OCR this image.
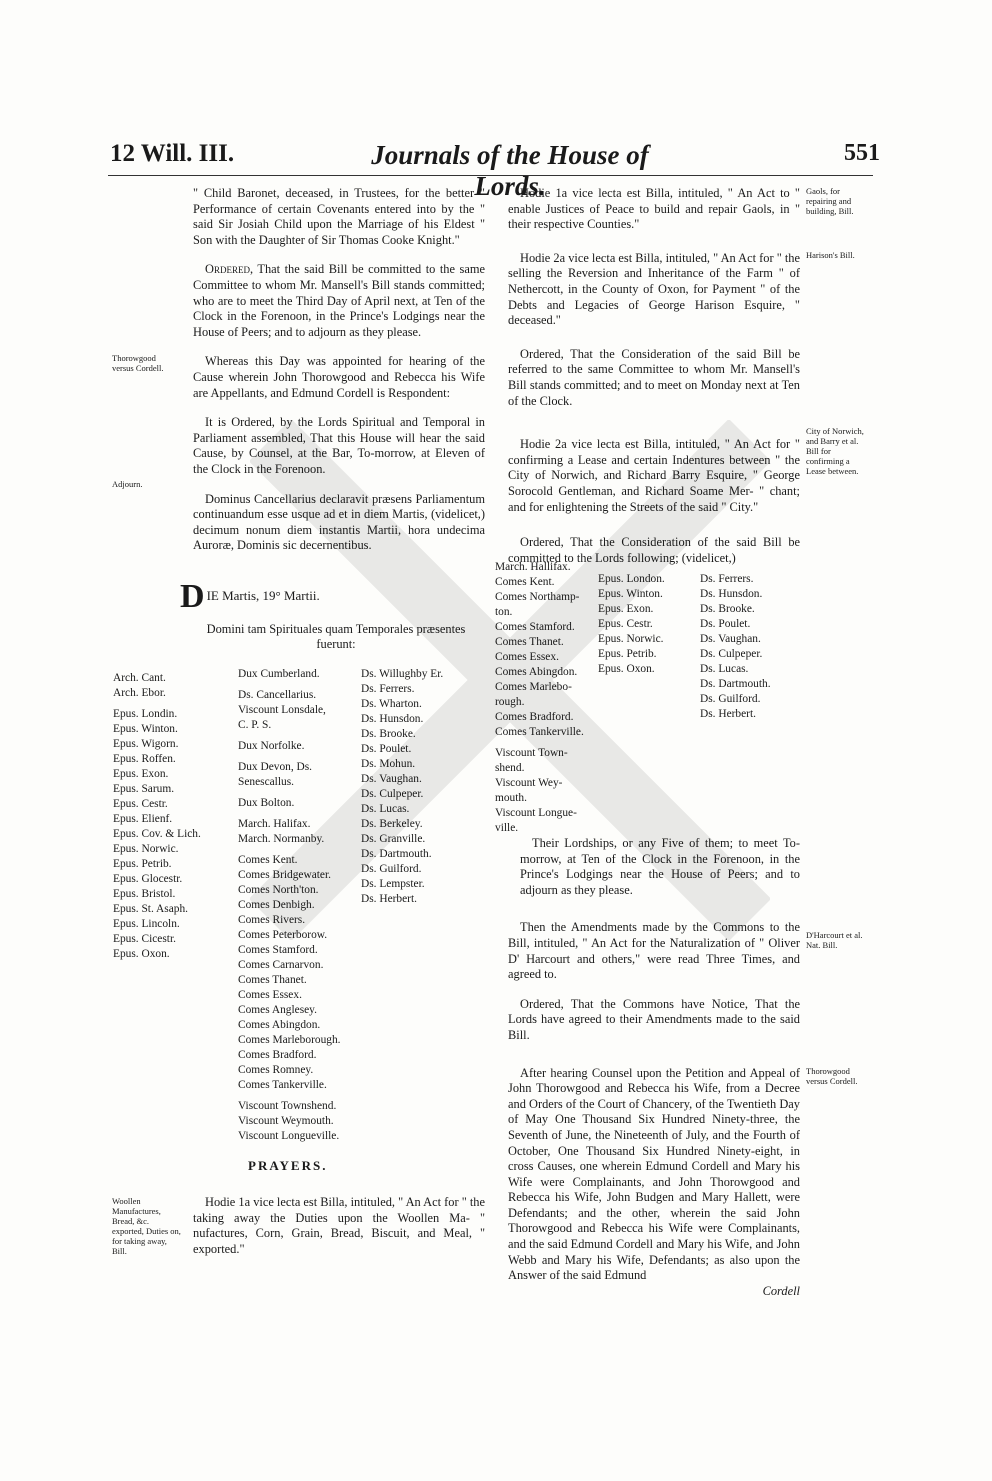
12 Will. III.	Journals of the House of Lords.
551

" Child Baronet, deceased, in Trustees, for the better " Performance of certain Covenants entered into by the " said Sir Josiah Child upon the Marriage of his Eldest " Son with the Daughter of Sir Thomas Cooke Knight."

Ordered, That the said Bill be committed to the same Committee to whom Mr. Mansell's Bill stands committed; who are to meet the Third Day of April next, at Ten of the Clock in the Forenoon, in the Prince's Lodgings near the House of Peers; and to adjourn as they please.

Whereas this Day was appointed for hearing of the Cause wherein John Thorowgood and Rebecca his Wife are Appellants, and Edmund Cordell is Respondent:

It is Ordered, by the Lords Spiritual and Temporal in Parliament assembled, That this House will hear the said Cause, by Counsel, at the Bar, To-morrow, at Eleven of the Clock in the Forenoon.

Dominus Cancellarius declaravit præsens Parliamentum continuandum esse usque ad et in diem Martis, (videlicet,) decimum nonum diem instantis Martii, hora undecima Auroræ, Dominis sic decernentibus.

Thorowgood versus Cordell.
Adjourn.
D IE Martis, 19° Martii.
Domini tam Spirituales quam Temporales præsentes fuerunt:
Arch. Cant.
Arch. Ebor.
Epus. Londin.
Epus. Winton.
Epus. Wigorn.
Epus. Roffen.
Epus. Exon.
Epus. Sarum.
Epus. Cestr.
Epus. Elienf.
Epus. Cov. & Lich.
Epus. Norwic.
Epus. Petrib.
Epus. Glocestr.
Epus. Bristol.
Epus. St. Asaph.
Epus. Lincoln.
Epus. Cicestr.
Epus. Oxon.
Dux Cumberland.
Ds. Cancellarius.
Viscount Lonsdale,
C. P. S.
Dux Norfolke.
Dux Devon, Ds.
Senescallus.
Dux Bolton.
March. Halifax.
March. Normanby.
Comes Kent.
Comes Bridgewater.
Comes North'ton.
Comes Denbigh.
Comes Rivers.
Comes Peterborow.
Comes Stamford.
Comes Carnarvon.
Comes Thanet.
Comes Essex.
Comes Anglesey.
Comes Abingdon.
Comes Marleborough.
Comes Bradford.
Comes Romney.
Comes Tankerville.
Viscount Townshend.
Viscount Weymouth.
Viscount Longueville.
Ds. Willughby Er.
Ds. Ferrers.
Ds. Wharton.
Ds. Hunsdon.
Ds. Brooke.
Ds. Poulet.
Ds. Mohun.
Ds. Vaughan.
Ds. Culpeper.
Ds. Lucas.
Ds. Berkeley.
Ds. Granville.
Ds. Dartmouth.
Ds. Guilford.
Ds. Lempster.
Ds. Herbert.
PRAYERS.
Woollen Manufactures, Bread, &c. exported, Duties on, for taking away, Bill.

Hodie 1a vice lecta est Billa, intituled, " An Act for " the taking away the Duties upon the Woollen Ma- " nufactures, Corn, Grain, Bread, Biscuit, and Meal, " exported."

Hodie 1a vice lecta est Billa, intituled, " An Act to " enable Justices of Peace to build and repair Gaols, in " their respective Counties."

Hodie 2a vice lecta est Billa, intituled, " An Act for " the selling the Reversion and Inheritance of the Farm " of Nethercott, in the County of Oxon, for Payment " of the Debts and Legacies of George Harison Esquire, " deceased."

Ordered, That the Consideration of the said Bill be referred to the same Committee to whom Mr. Mansell's Bill stands committed; and to meet on Monday next at Ten of the Clock.

Hodie 2a vice lecta est Billa, intituled, " An Act for " confirming a Lease and certain Indentures between " the City of Norwich, and Richard Barry Esquire, " George Sorocold Gentleman, and Richard Soame Mer- " chant; and for enlightening the Streets of the said " City."

Ordered, That the Consideration of the said Bill be committed to the Lords following; (videlicet,)

Gaols, for repairing and building, Bill.
Harison's Bill.
City of Norwich, and Barry et al. Bill for confirming a Lease between.
March. Hallifax.
Comes Kent.
Comes Northamp-
ton.
Comes Stamford.
Comes Thanet.
Comes Essex.
Comes Abingdon.
Comes Marlebo-
rough.
Comes Bradford.
Comes Tankerville.
Viscount Town-
shend.
Viscount Wey-
mouth.
Viscount Longue-
ville.
Epus. London.
Epus. Winton.
Epus. Exon.
Epus. Cestr.
Epus. Norwic.
Epus. Petrib.
Epus. Oxon.
Ds. Ferrers.
Ds. Hunsdon.
Ds. Brooke.
Ds. Poulet.
Ds. Vaughan.
Ds. Culpeper.
Ds. Lucas.
Ds. Dartmouth.
Ds. Guilford.
Ds. Herbert.

Their Lordships, or any Five of them; to meet To-morrow, at Ten of the Clock in the Forenoon, in the Prince's Lodgings near the House of Peers; and to adjourn as they please.

Then the Amendments made by the Commons to the Bill, intituled, " An Act for the Naturalization of " Oliver D' Harcourt and others," were read Three Times, and agreed to.

Ordered, That the Commons have Notice, That the Lords have agreed to their Amendments made to the said Bill.

After hearing Counsel upon the Petition and Appeal of John Thorowgood and Rebecca his Wife, from a Decree and Orders of the Court of Chancery, of the Twentieth Day of May One Thousand Six Hundred Ninety-three, the Seventh of June, the Nineteenth of July, and the Fourth of October, One Thousand Six Hundred Ninety-eight, in cross Causes, one wherein Edmund Cordell and Mary his Wife were Complainants, and John Thorowgood and Rebecca his Wife, John Budgen and Mary Hallett, were Defendants; and the other, wherein the said John Thorowgood and Rebecca his Wife were Complainants, and the said Edmund Cordell and Mary his Wife, and John Webb and Mary his Wife, Defendants; as also upon the Answer of the said Edmund

Cordell
D'Harcourt et al. Nat. Bill.
Thorowgood versus Cordell.
